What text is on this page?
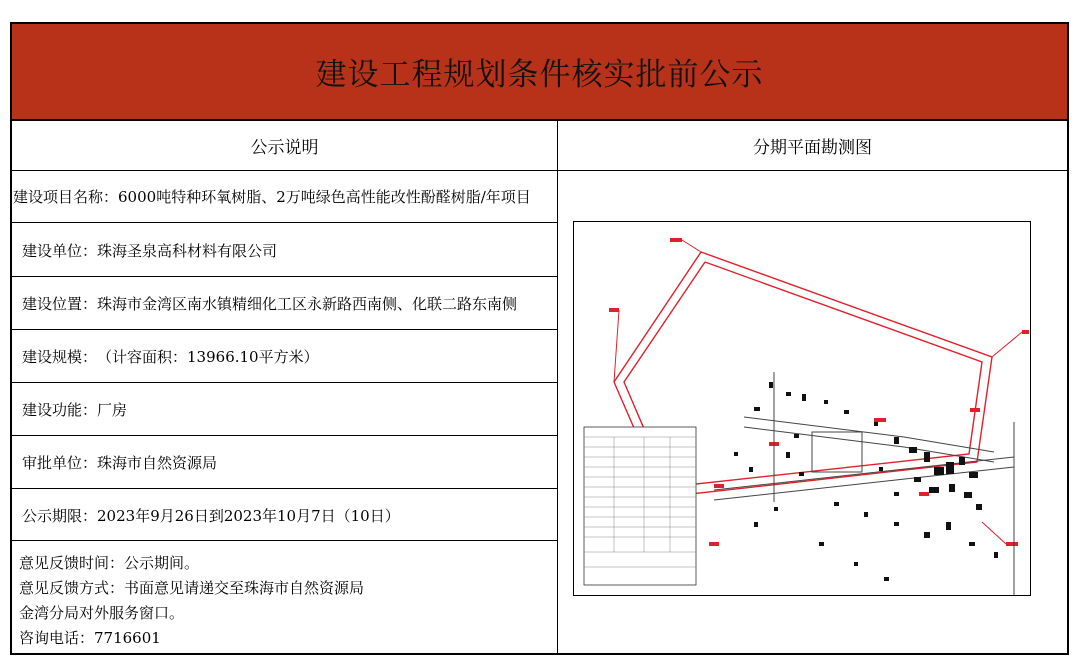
建设工程规划条件核实批前公示
公示说明	分期平面勘测图
建设项目名称： 6000吨特种环氧树脂、2万吨绿色高性能改性酚醛树脂/年项目
建设单位： 珠海圣泉高科材料有限公司
建设位置： 珠海市金湾区南水镇精细化工区永新路西南侧、化联二路东南侧
建设规模： （计容面积：13966.10平方米）
建设功能： 厂房
审批单位： 珠海市自然资源局
公示期限： 2023年9月26日到2023年10月7日（10日）
意见反馈时间：公示期间。
意见反馈方式：书面意见请递交至珠海市自然资源局
金湾分局对外服务窗口。
咨询电话：7716601
